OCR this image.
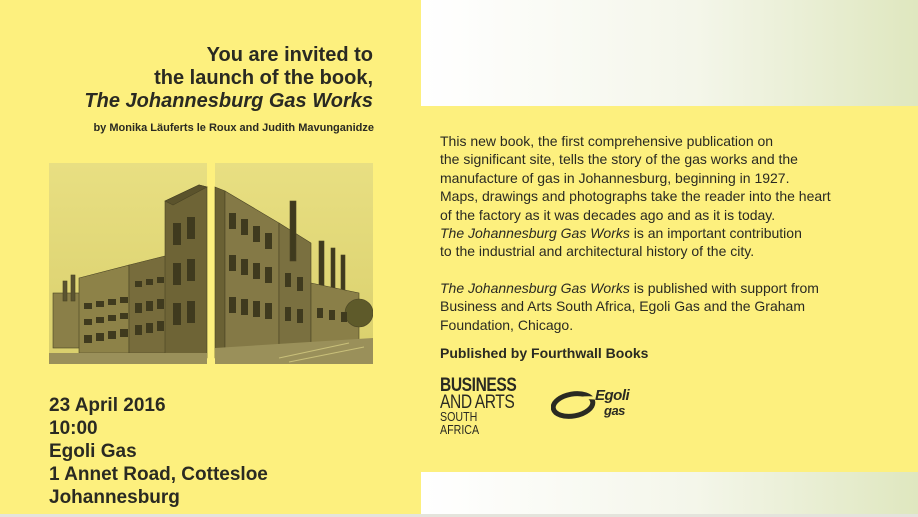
You are invited to
the launch of the book,
The Johannesburg Gas Works
by Monika Läuferts le Roux and Judith Mavunganidze
23 April 2016
10:00
Egoli Gas
1 Annet Road, Cottesloe
Johannesburg

This new book, the first comprehensive publication on

the significant site, tells the story of the gas works and the

manufacture of gas in Johannesburg, beginning in 1927.

Maps, drawings and photographs take the reader into the heart

of the factory as it was decades ago and as it is today.

The Johannesburg Gas Works is an important contribution

to the industrial and architectural history of the city.

The Johannesburg Gas Works is published with support from

Business and Arts South Africa, Egoli Gas and the Graham

Foundation, Chicago.

Published by Fourthwall Books
BUSINESS
AND ARTS
SOUTH AFRICA
Egoli
gas
